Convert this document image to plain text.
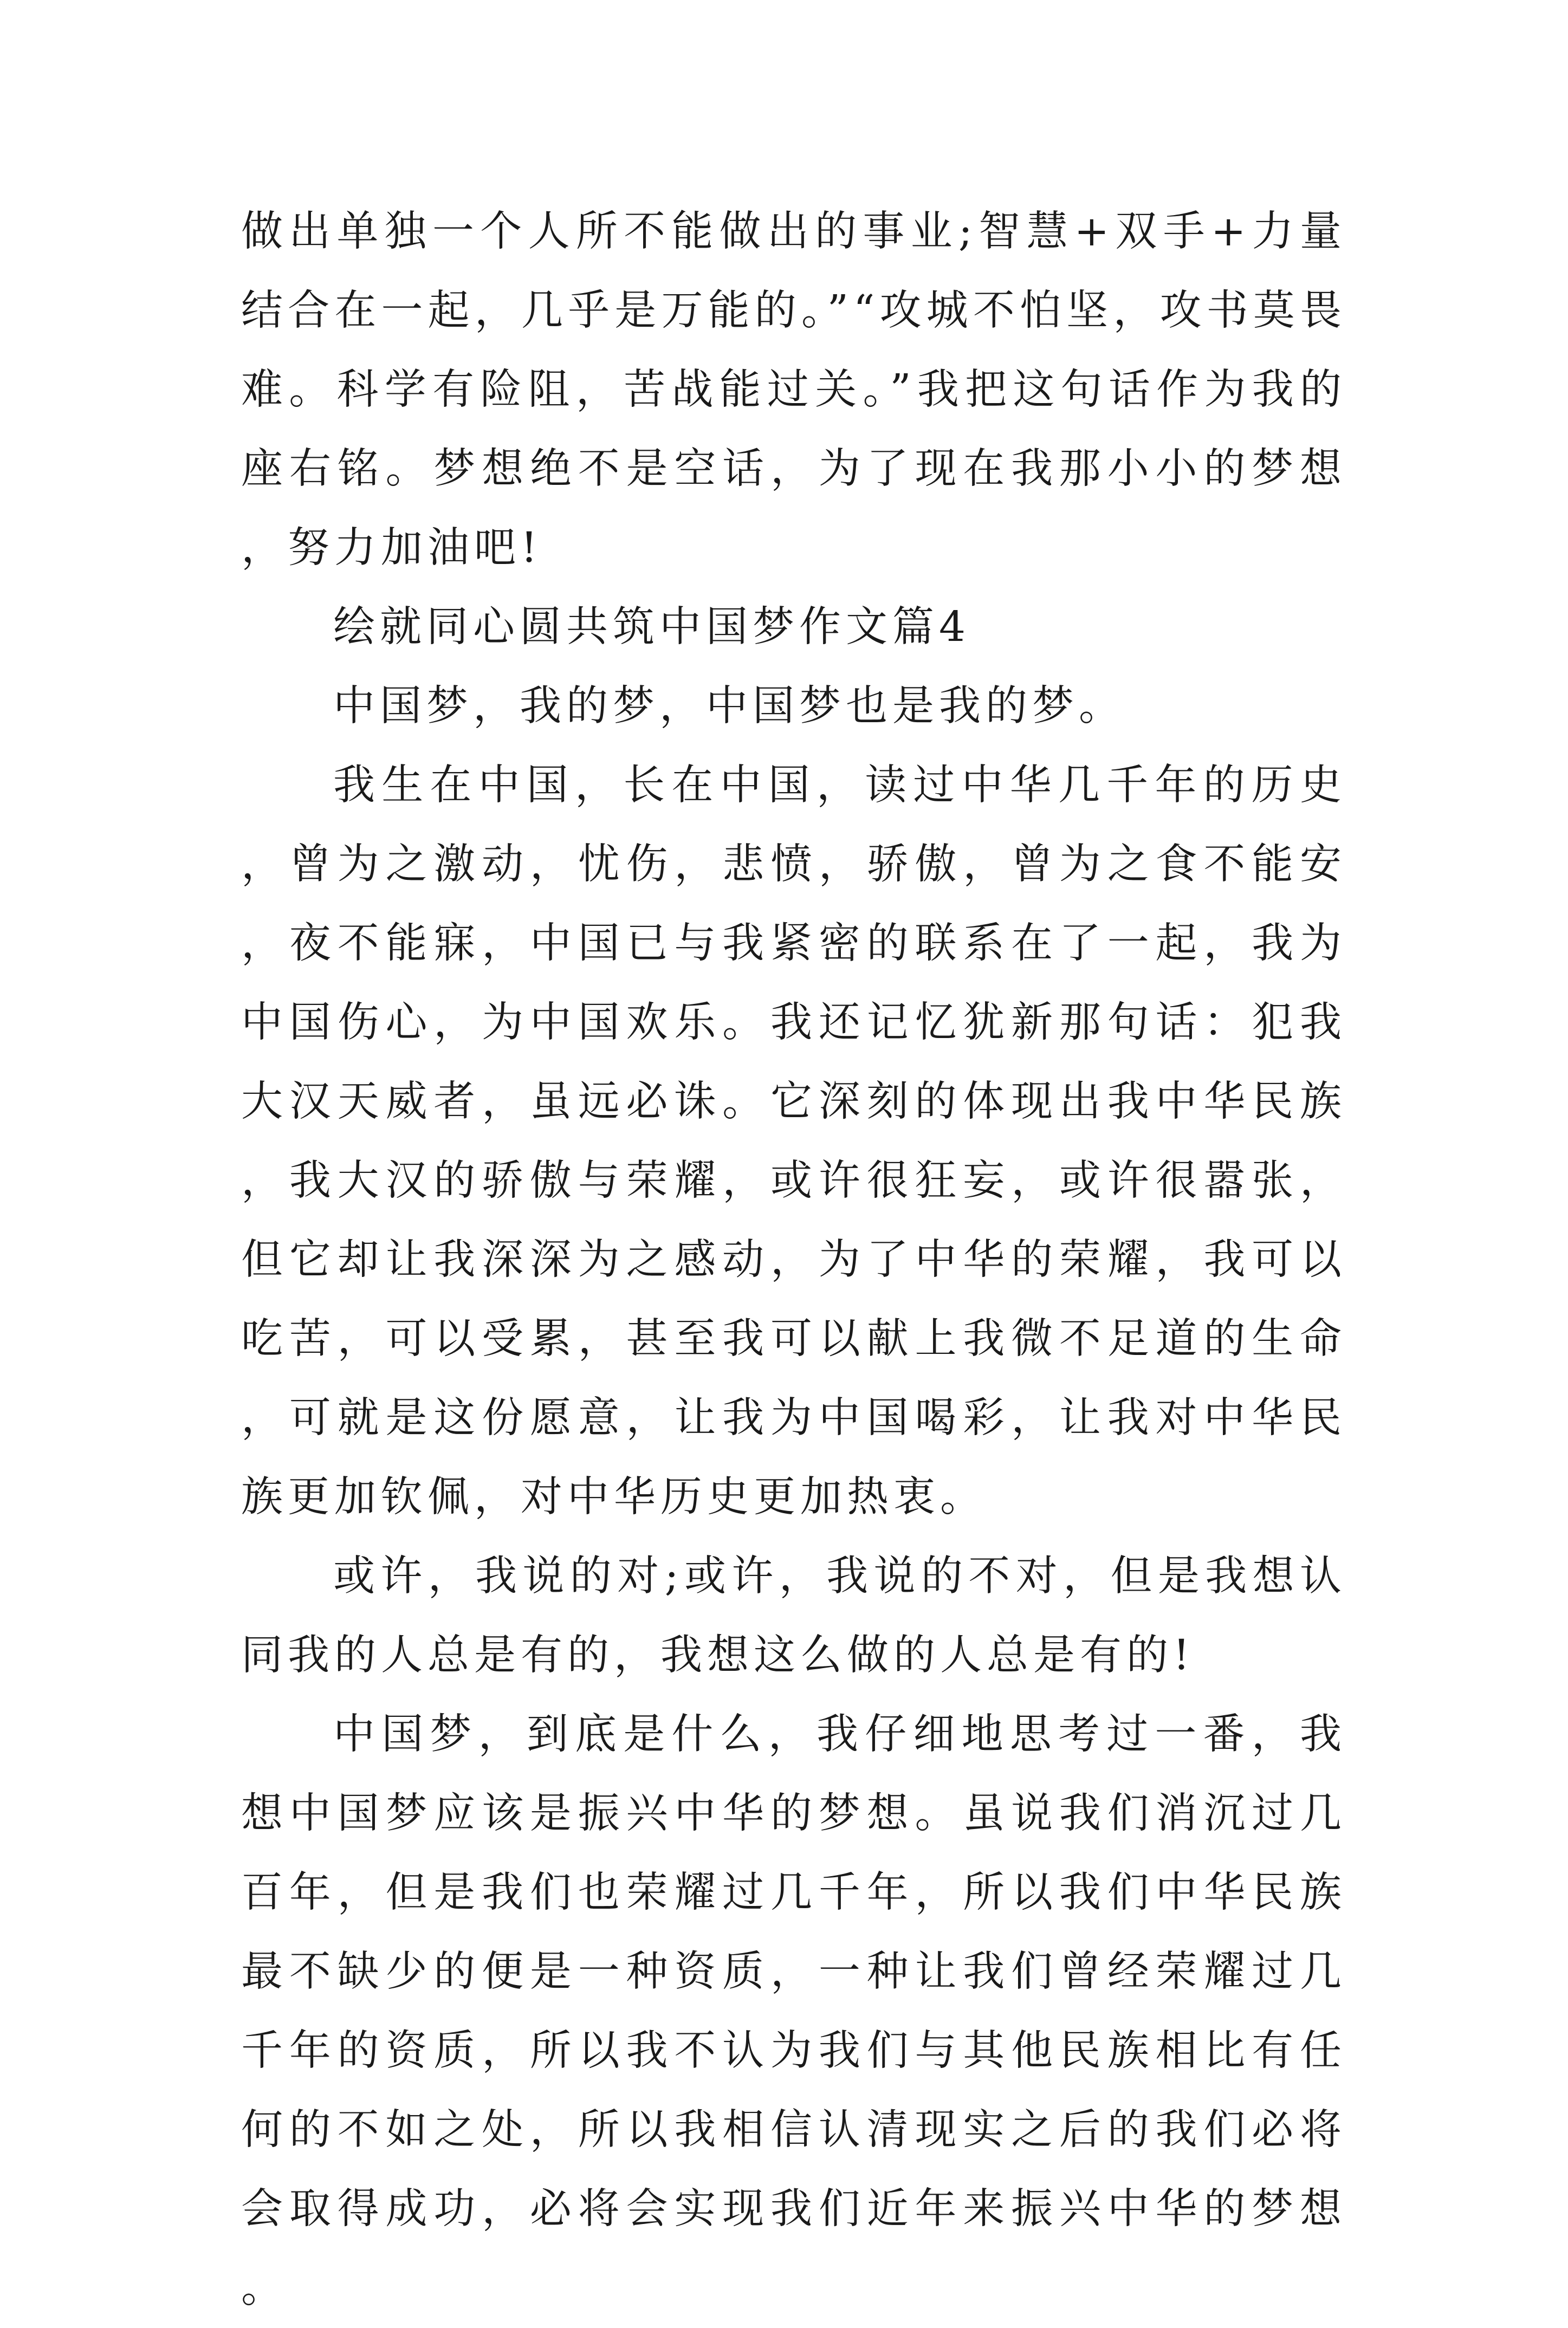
做出单独一个人所不能做出的事业;智慧+双手+力量结合在一起，几乎是万能的。”“攻城不怕坚，攻书莫畏难。科学有险阻，苦战能过关。”我把这句话作为我的座右铭。梦想绝不是空话，为了现在我那小小的梦想，努力加油吧!

绘就同心圆共筑中国梦作文篇4

中国梦，我的梦，中国梦也是我的梦。

我生在中国，长在中国，读过中华几千年的历史，曾为之激动，忧伤，悲愤，骄傲，曾为之食不能安，夜不能寐，中国已与我紧密的联系在了一起，我为中国伤心，为中国欢乐。我还记忆犹新那句话：犯我大汉天威者，虽远必诛。它深刻的体现出我中华民族，我大汉的骄傲与荣耀，或许很狂妄，或许很嚣张，但它却让我深深为之感动，为了中华的荣耀，我可以吃苦，可以受累，甚至我可以献上我微不足道的生命，可就是这份愿意，让我为中国喝彩，让我对中华民族更加钦佩，对中华历史更加热衷。

或许，我说的对;或许，我说的不对，但是我想认同我的人总是有的，我想这么做的人总是有的!

中国梦，到底是什么，我仔细地思考过一番，我想中国梦应该是振兴中华的梦想。虽说我们消沉过几百年，但是我们也荣耀过几千年，所以我们中华民族最不缺少的便是一种资质，一种让我们曾经荣耀过几千年的资质，所以我不认为我们与其他民族相比有任何的不如之处，所以我相信认清现实之后的我们必将会取得成功，必将会实现我们近年来振兴中华的梦想。
